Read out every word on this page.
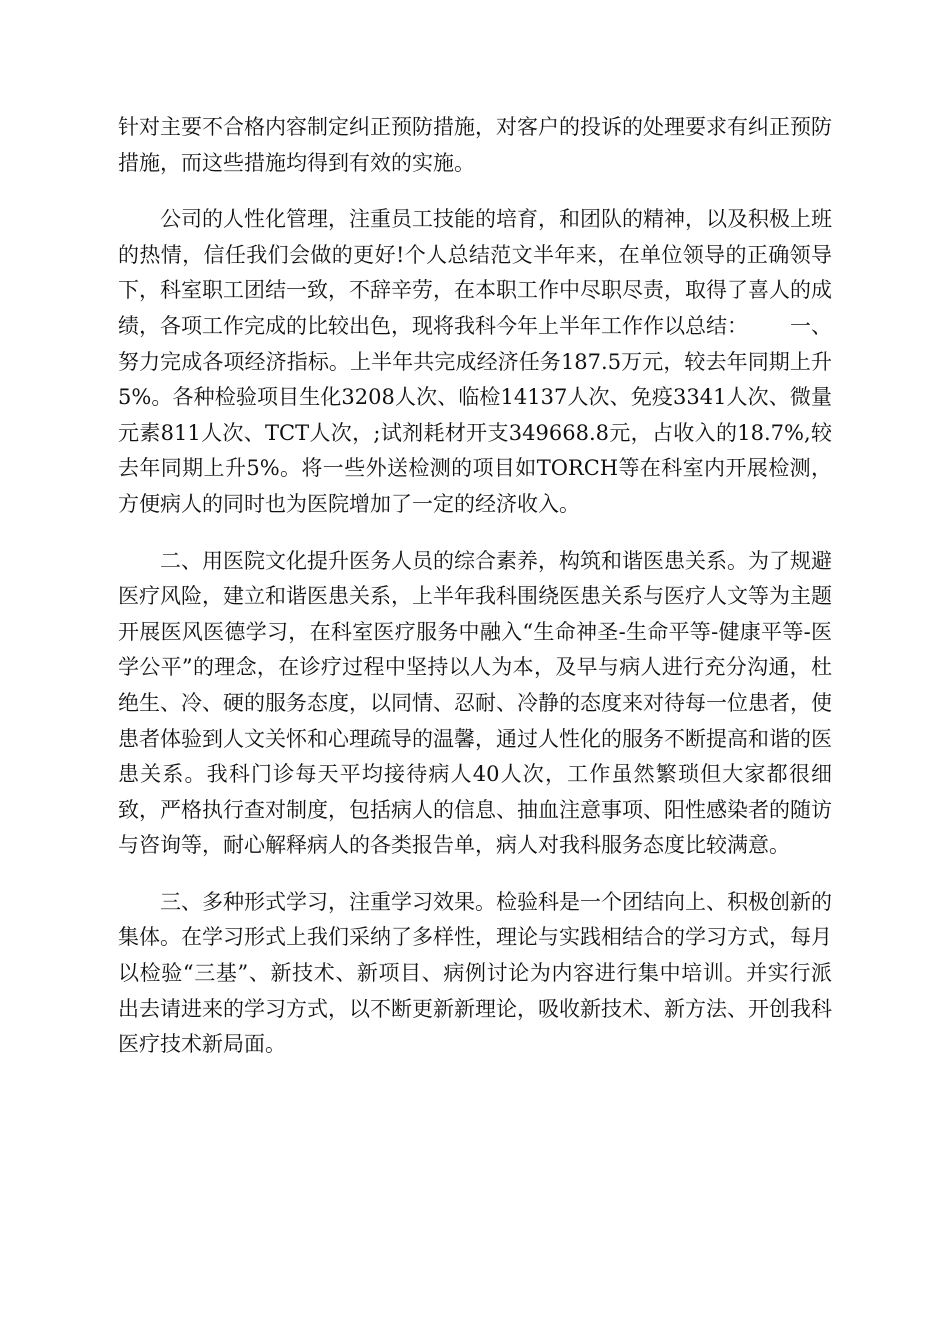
针对主要不合格内容制定纠正预防措施，对客户的投诉的处理要求有纠正预防措施，而这些措施均得到有效的实施。

公司的人性化管理，注重员工技能的培育，和团队的精神，以及积极上班的热情，信任我们会做的更好!个人总结范文半年来，在单位领导的正确领导下，科室职工团结一致，不辞辛劳，在本职工作中尽职尽责，取得了喜人的成绩，各项工作完成的比较出色，现将我科今年上半年工作作以总结： 一、努力完成各项经济指标。上半年共完成经济任务187.5万元，较去年同期上升5%。各种检验项目生化3208人次、临检14137人次、免疫3341人次、微量元素811人次、TCT人次，;试剂耗材开支349668.8元，占收入的18.7%,较去年同期上升5%。将一些外送检测的项目如TORCH等在科室内开展检测，方便病人的同时也为医院增加了一定的经济收入。

二、用医院文化提升医务人员的综合素养，构筑和谐医患关系。为了规避医疗风险，建立和谐医患关系，上半年我科围绕医患关系与医疗人文等为主题开展医风医德学习，在科室医疗服务中融入“生命神圣-生命平等-健康平等-医学公平”的理念，在诊疗过程中坚持以人为本，及早与病人进行充分沟通，杜绝生、冷、硬的服务态度，以同情、忍耐、冷静的态度来对待每一位患者，使患者体验到人文关怀和心理疏导的温馨，通过人性化的服务不断提高和谐的医患关系。我科门诊每天平均接待病人40人次，工作虽然繁琐但大家都很细致，严格执行查对制度，包括病人的信息、抽血注意事项、阳性感染者的随访与咨询等，耐心解释病人的各类报告单，病人对我科服务态度比较满意。

三、多种形式学习，注重学习效果。检验科是一个团结向上、积极创新的集体。在学习形式上我们采纳了多样性，理论与实践相结合的学习方式，每月以检验“三基”、新技术、新项目、病例讨论为内容进行集中培训。并实行派出去请进来的学习方式，以不断更新新理论，吸收新技术、新方法、开创我科医疗技术新局面。
